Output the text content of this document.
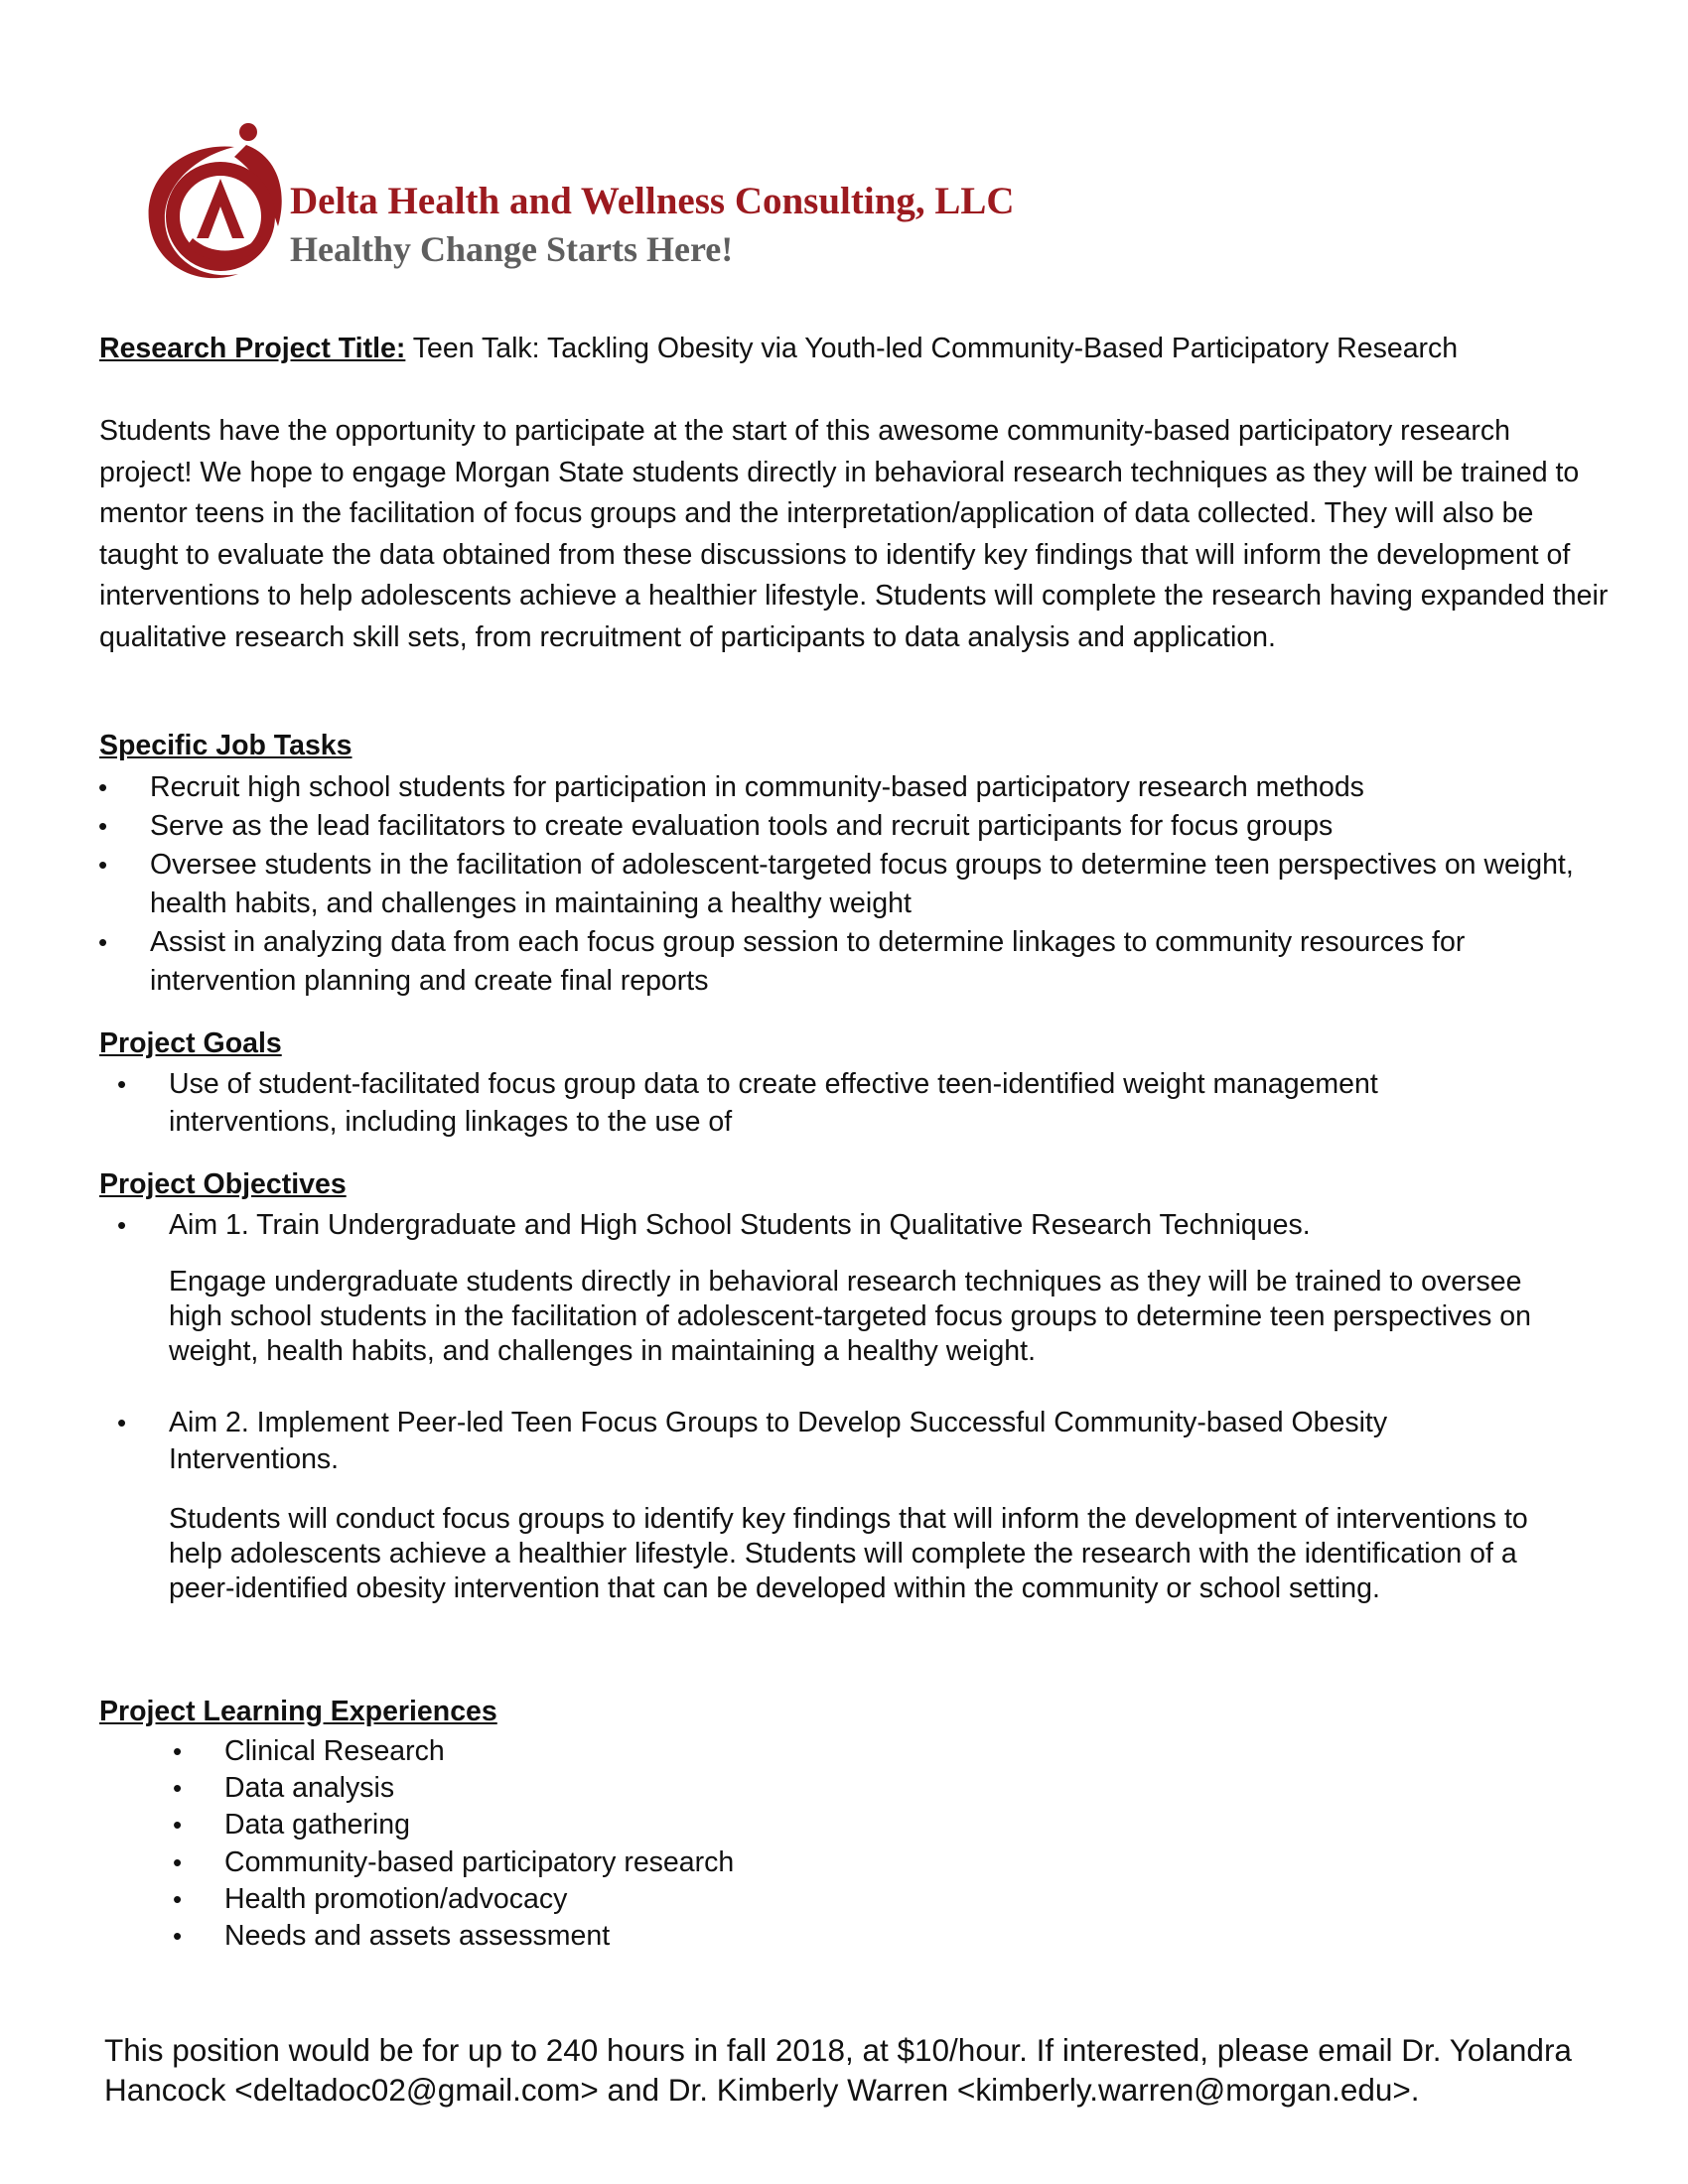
Delta Health and Wellness Consulting, LLC
Healthy Change Starts Here!
Research Project Title: Teen Talk: Tackling Obesity via Youth-led Community-Based Participatory Research
Students have the opportunity to participate at the start of this awesome community-based participatory research project! We hope to engage Morgan State students directly in behavioral research techniques as they will be trained to mentor teens in the facilitation of focus groups and the interpretation/application of data collected. They will also be taught to evaluate the data obtained from these discussions to identify key findings that will inform the development of interventions to help adolescents achieve a healthier lifestyle. Students will complete the research having expanded their qualitative research skill sets, from recruitment of participants to data analysis and application.
Specific Job Tasks
• Recruit high school students for participation in community-based participatory research methods
• Serve as the lead facilitators to create evaluation tools and recruit participants for focus groups
• Oversee students in the facilitation of adolescent-targeted focus groups to determine teen perspectives on weight, health habits, and challenges in maintaining a healthy weight
• Assist in analyzing data from each focus group session to determine linkages to community resources for intervention planning and create final reports
Project Goals
• Use of student-facilitated focus group data to create effective teen-identified weight management interventions, including linkages to the use of
Project Objectives
• Aim 1. Train Undergraduate and High School Students in Qualitative Research Techniques.
Engage undergraduate students directly in behavioral research techniques as they will be trained to oversee high school students in the facilitation of adolescent-targeted focus groups to determine teen perspectives on weight, health habits, and challenges in maintaining a healthy weight.
• Aim 2. Implement Peer-led Teen Focus Groups to Develop Successful Community-based Obesity Interventions.
Students will conduct focus groups to identify key findings that will inform the development of interventions to help adolescents achieve a healthier lifestyle. Students will complete the research with the identification of a peer-identified obesity intervention that can be developed within the community or school setting.
Project Learning Experiences
• Clinical Research
• Data analysis
• Data gathering
• Community-based participatory research
• Health promotion/advocacy
• Needs and assets assessment
This position would be for up to 240 hours in fall 2018, at $10/hour. If interested, please email Dr. Yolandra Hancock <deltadoc02@gmail.com> and Dr. Kimberly Warren <kimberly.warren@morgan.edu>.
